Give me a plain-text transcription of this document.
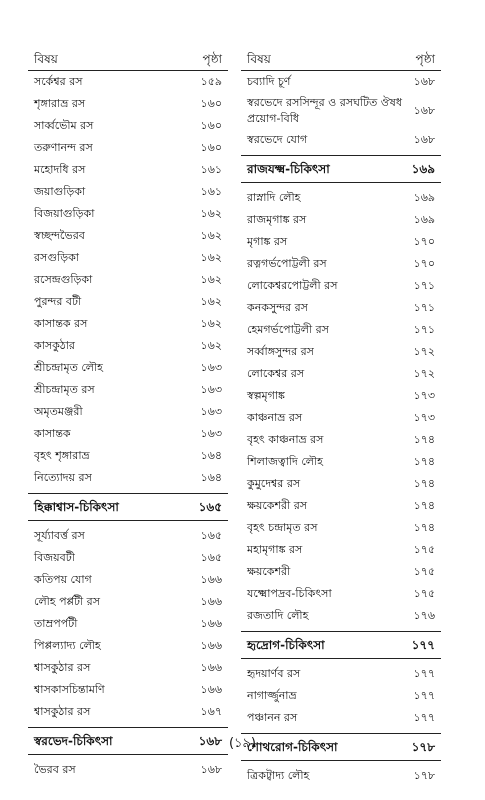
বিষয়	পৃষ্ঠা
সর্কেশ্বর রস	১৫৯
শৃঙ্গারাভ্র রস	১৬০
সার্ব্বভৌম রস	১৬০
তরুণানন্দ রস	১৬০
মহোদধি রস	১৬১
জয়াগুড়িকা	১৬১
বিজয়াগুড়িকা	১৬২
স্বচ্ছন্দভৈরব	১৬২
রসগুড়িকা	১৬২
রসেন্দ্রগুড়িকা	১৬২
পুরন্দর বটী	১৬২
কাসান্তক রস	১৬২
কাসকুঠার	১৬২
শ্রীচন্দ্রামৃত লৌহ	১৬৩
শ্রীচন্দ্রামৃত রস	১৬৩
অমৃতমঞ্জরী	১৬৩
কাসান্তক	১৬৩
বৃহৎ শৃঙ্গারাভ্র	১৬৪
নিত্যোদয় রস	১৬৪
হিক্কাশ্বাস-চিকিৎসা	১৬৫
সূর্য্যাবর্ত্ত রস	১৬৫
বিজয়বটী	১৬৫
কতিপয় যোগ	১৬৬
লৌহ পর্প্পটী রস	১৬৬
তাম্রপর্পটী	১৬৬
পিপ্পল্যাদ্য লৌহ	১৬৬
শ্বাসকুঠার রস	১৬৬
শ্বাসকাসচিন্তামণি	১৬৬
শ্বাসকুঠার রস	১৬৭
স্বরভেদ-চিকিৎসা	১৬৮
ভৈরব রস	১৬৮
বিষয়	পৃষ্ঠা
চব্যাদি চূর্ণ	১৬৮
স্বরভেদে রসসিন্দূর ও রসঘটিত ঔষধ প্রয়োগ-বিধি
১৬৮
স্বরভেদে যোগ	১৬৮
রাজযক্ষ্ম-চিকিৎসা	১৬৯
রাস্নাদি লৌহ	১৬৯
রাজমৃগাঙ্ক রস	১৬৯
মৃগাঙ্ক রস	১৭০
রত্নগর্ভপোট্টলী রস	১৭০
লোকেশ্বরপোট্টলী রস	১৭১
কনকসুন্দর রস	১৭১
হেমগর্ভপোট্টলী রস	১৭১
সর্ব্বাঙ্গসুন্দর রস	১৭২
লোকেশ্বর রস	১৭২
স্বল্পমৃগাঙ্ক	১৭৩
কাঞ্চনাভ্র রস	১৭৩
বৃহৎ কাঞ্চনাভ্র রস	১৭৪
শিলাজত্বাদি লৌহ	১৭৪
কুমুদেশ্বর রস	১৭৪
ক্ষয়কেশরী রস	১৭৪
বৃহৎ চন্দ্রামৃত রস	১৭৪
মহামৃগাঙ্ক রস	১৭৫
ক্ষয়কেশরী	১৭৫
যক্ষ্মোপদ্রব-চিকিৎসা	১৭৫
রজতাদি লৌহ	১৭৬
হৃদ্রোগ-চিকিৎসা	১৭৭
হৃদয়ার্ণব রস	১৭৭
নাগার্জ্জুনাভ্র	১৭৭
পঞ্চানন রস	১৭৭
শোথরোগ-চিকিৎসা	১৭৮
ত্রিকট্বাদ্য লৌহ	১৭৮
(১৯)
